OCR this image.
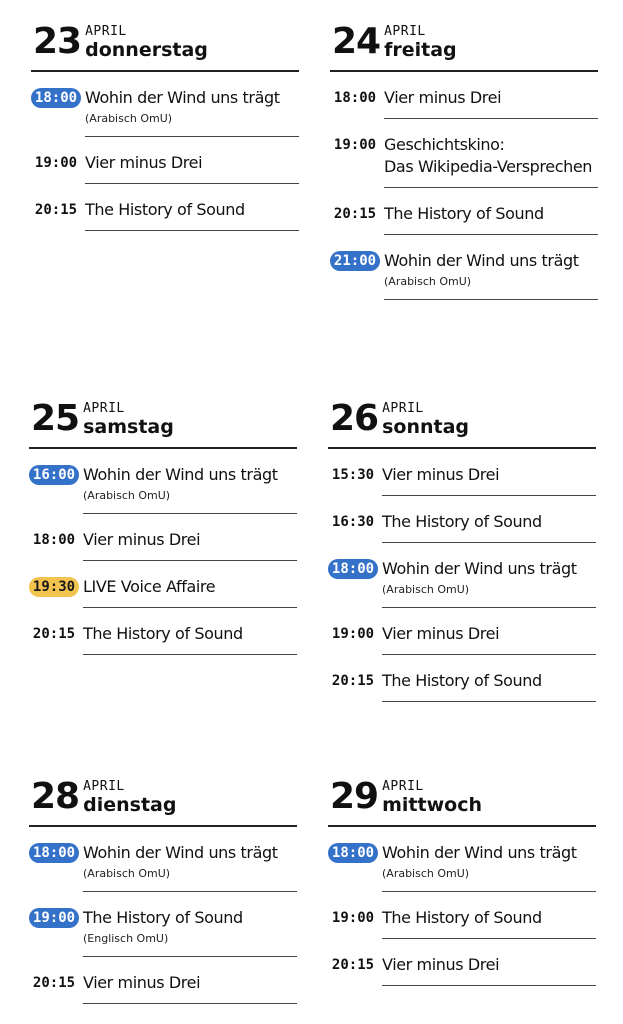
23 APRIL
donnerstag
18:00 Wohin der Wind uns trägt
(Arabisch OmU)
19:00 Vier minus Drei
20:15 The History of Sound
24 APRIL
freitag
18:00 Vier minus Drei
19:00 Geschichtskino:
Das Wikipedia-Versprechen
20:15 The History of Sound
21:00 Wohin der Wind uns trägt
(Arabisch OmU)
25 APRIL
samstag
16:00 Wohin der Wind uns trägt
(Arabisch OmU)
18:00 Vier minus Drei
19:30 LIVE Voice Affaire
20:15 The History of Sound
26 APRIL
sonntag
15:30 Vier minus Drei
16:30 The History of Sound
18:00 Wohin der Wind uns trägt
(Arabisch OmU)
19:00 Vier minus Drei
20:15 The History of Sound
28 APRIL
dienstag
18:00 Wohin der Wind uns trägt
(Arabisch OmU)
19:00 The History of Sound
(Englisch OmU)
20:15 Vier minus Drei
29 APRIL
mittwoch
18:00 Wohin der Wind uns trägt
(Arabisch OmU)
19:00 The History of Sound
20:15 Vier minus Drei
